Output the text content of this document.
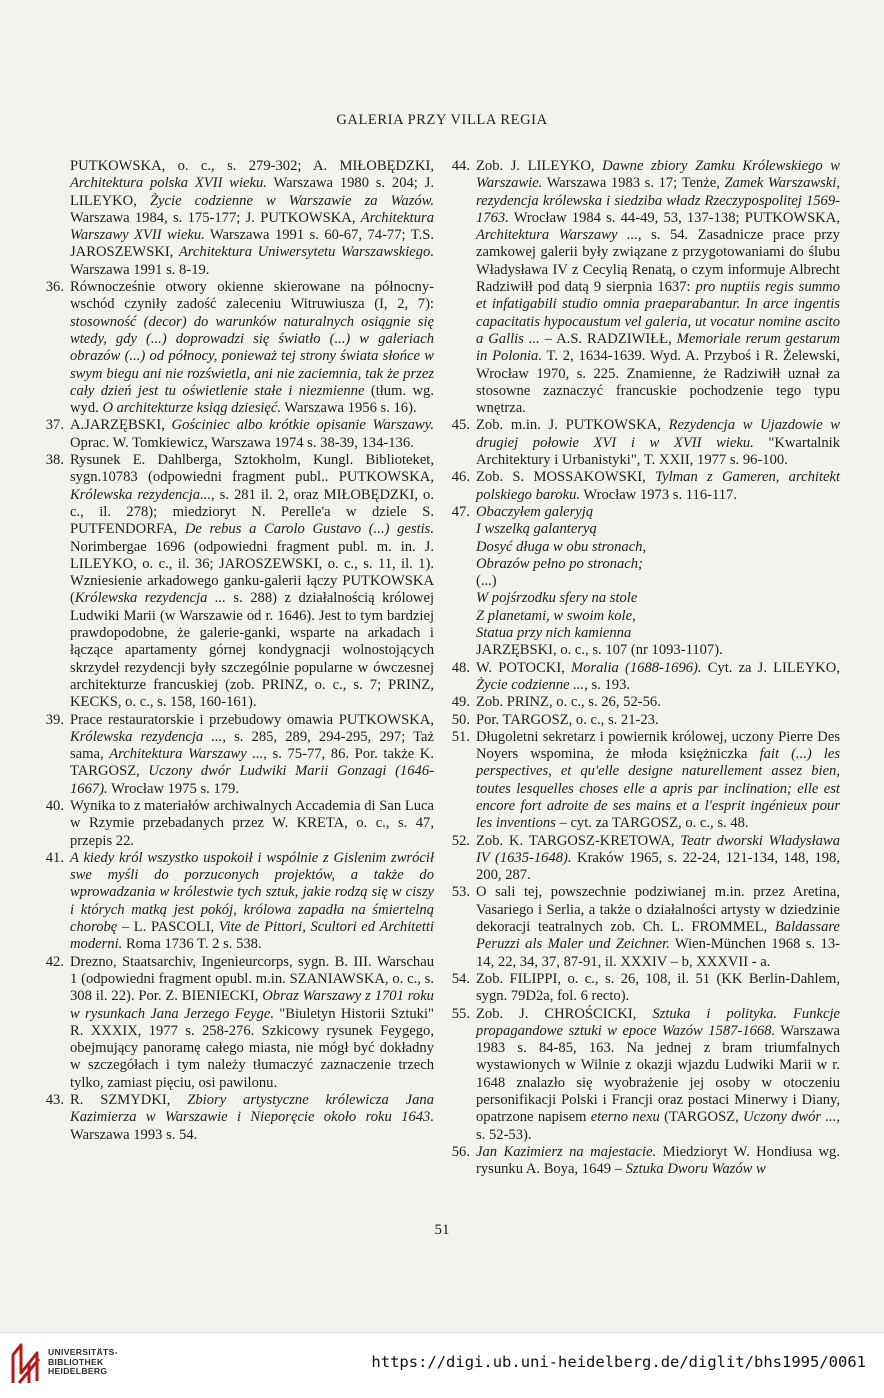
GALERIA PRZY VILLA REGIA
PUTKOWSKA, o. c., s. 279-302; A. MIŁOBĘDZKI, Architektura polska XVII wieku. Warszawa 1980 s. 204; J. LILEYKO, Życie codzienne w Warszawie za Wazów. Warszawa 1984, s. 175-177; J. PUTKOWSKA, Architektura Warszawy XVII wieku. Warszawa 1991 s. 60-67, 74-77; T.S. JAROSZEWSKI, Architektura Uniwersytetu Warszawskiego. Warszawa 1991 s. 8-19.
36. Równocześnie otwory okienne skierowane na północny-wschód czyniły zadość zaleceniu Witruwiusza (I, 2, 7): stosowność (decor) do warunków naturalnych osiągnie się wtedy, gdy (...) doprowadzi się światło (...) w galeriach obrazów (...) od północy, ponieważ tej strony świata słońce w swym biegu ani nie rozświetla, ani nie zaciemnia, tak że przez cały dzień jest tu oświetlenie stałe i niezmienne (tłum. wg. wyd. O architekturze ksiąg dziesięć. Warszawa 1956 s. 16).
37. A.JARZĘBSKI, Gościniec albo krótkie opisanie Warszawy. Oprac. W. Tomkiewicz, Warszawa 1974 s. 38-39, 134-136.
38. Rysunek E. Dahlberga, Sztokholm, Kungl. Biblioteket, sygn.10783 (odpowiedni fragment publ.. PUTKOWSKA, Królewska rezydencja..., s. 281 il. 2, oraz MIŁOBĘDZKI, o. c., il. 278); miedzioryt N. Perelle'a w dziele S. PUTFENDORFA, De rebus a Carolo Gustavo (...) gestis. Norimbergae 1696 (odpowiedni fragment publ. m. in. J. LILEYKO, o. c., il. 36; JAROSZEWSKI, o. c., s. 11, il. 1). Wzniesienie arkadowego ganku-galerii łączy PUTKOWSKA (Królewska rezydencja ... s. 288) z działalnością królowej Ludwiki Marii (w Warszawie od r. 1646). Jest to tym bardziej prawdopodobne, że galerie-ganki, wsparte na arkadach i łączące apartamenty górnej kondygnacji wolnostojących skrzydeł rezydencji były szczególnie popularne w ówczesnej architekturze francuskiej (zob. PRINZ, o. c., s. 7; PRINZ, KECKS, o. c., s. 158, 160-161).
39. Prace restauratorskie i przebudowy omawia PUTKOWSKA, Królewska rezydencja ..., s. 285, 289, 294-295, 297; Taż sama, Architektura Warszawy ..., s. 75-77, 86. Por. także K. TARGOSZ, Uczony dwór Ludwiki Marii Gonzagi (1646-1667). Wrocław 1975 s. 179.
40. Wynika to z materiałów archiwalnych Accademia di San Luca w Rzymie przebadanych przez W. KRETA, o. c., s. 47, przepis 22.
41. A kiedy król wszystko uspokoił i wspólnie z Gislenim zwrócił swe myśli do porzuconych projektów, a także do wprowadzania w królestwie tych sztuk, jakie rodzą się w ciszy i których matką jest pokój, królowa zapadła na śmiertelną chorobę – L. PASCOLI, Vite de Pittori, Scultori ed Architetti moderni. Roma 1736 T. 2 s. 538.
42. Drezno, Staatsarchiv, Ingenieurcorps, sygn. B. III. Warschau 1 (odpowiedni fragment opubl. m.in. SZANIAWSKA, o. c., s. 308 il. 22). Por. Z. BIENIECKI, Obraz Warszawy z 1701 roku w rysunkach Jana Jerzego Feyge. "Biuletyn Historii Sztuki" R. XXXIX, 1977 s. 258-276. Szkicowy rysunek Feygego, obejmujący panoramę całego miasta, nie mógł być dokładny w szczegółach i tym należy tłumaczyć zaznaczenie trzech tylko, zamiast pięciu, osi pawilonu.
43. R. SZMYDKI, Zbiory artystyczne królewicza Jana Kazimierza w Warszawie i Nieporęcie około roku 1643. Warszawa 1993 s. 54.
44. Zob. J. LILEYKO, Dawne zbiory Zamku Królewskiego w Warszawie. Warszawa 1983 s. 17; Tenże, Zamek Warszawski, rezydencja królewska i siedziba władz Rzeczypospolitej 1569-1763. Wrocław 1984 s. 44-49, 53, 137-138; PUTKOWSKA, Architektura Warszawy ..., s. 54. Zasadnicze prace przy zamkowej galerii były związane z przygotowaniami do ślubu Władysława IV z Cecylią Renatą, o czym informuje Albrecht Radziwiłł pod datą 9 sierpnia 1637: pro nuptiis regis summo et infatigabili studio omnia praeparabantur. In arce ingentis capacitatis hypocaustum vel galeria, ut vocatur nomine ascito a Gallis ... – A.S. RADZIWIŁŁ, Memoriale rerum gestarum in Polonia. T. 2, 1634-1639. Wyd. A. Przyboś i R. Żelewski, Wrocław 1970, s. 225. Znamienne, że Radziwiłł uznał za stosowne zaznaczyć francuskie pochodzenie tego typu wnętrza.
45. Zob. m.in. J. PUTKOWSKA, Rezydencja w Ujazdowie w drugiej połowie XVI i w XVII wieku. "Kwartalnik Architektury i Urbanistyki", T. XXII, 1977 s. 96-100.
46. Zob. S. MOSSAKOWSKI, Tylman z Gameren, architekt polskiego baroku. Wrocław 1973 s. 116-117.
47. Obaczyłem galeryją
I wszelką galanteryą
Dosyć długa w obu stronach,
Obrazów pełno po stronach;
(...)
W pojśrzodku sfery na stole
Z planetami, w swoim kole,
Statua przy nich kamienna
JARZĘBSKI, o. c., s. 107 (nr 1093-1107).
48. W. POTOCKI, Moralia (1688-1696). Cyt. za J. LILEYKO, Życie codzienne ..., s. 193.
49. Zob. PRINZ, o. c., s. 26, 52-56.
50. Por. TARGOSZ, o. c., s. 21-23.
51. Długoletni sekretarz i powiernik królowej, uczony Pierre Des Noyers wspomina, że młoda księżniczka fait (...) les perspectives, et qu'elle designe naturellement assez bien, toutes lesquelles choses elle a apris par inclination; elle est encore fort adroite de ses mains et a l'esprit ingénieux pour les inventions – cyt. za TARGOSZ, o. c., s. 48.
52. Zob. K. TARGOSZ-KRETOWA, Teatr dworski Władysława IV (1635-1648). Kraków 1965, s. 22-24, 121-134, 148, 198, 200, 287.
53. O sali tej, powszechnie podziwianej m.in. przez Aretina, Vasariego i Serlia, a także o działalności artysty w dziedzinie dekoracji teatralnych zob. Ch. L. FROMMEL, Baldassare Peruzzi als Maler und Zeichner. Wien-München 1968 s. 13-14, 22, 34, 37, 87-91, il. XXXIV – b, XXXVII - a.
54. Zob. FILIPPI, o. c., s. 26, 108, il. 51 (KK Berlin-Dahlem, sygn. 79D2a, fol. 6 recto).
55. Zob. J. CHROŚCICKI, Sztuka i polityka. Funkcje propagandowe sztuki w epoce Wazów 1587-1668. Warszawa 1983 s. 84-85, 163. Na jednej z bram triumfalnych wystawionych w Wilnie z okazji wjazdu Ludwiki Marii w r. 1648 znalazło się wyobrażenie jej osoby w otoczeniu personifikacji Polski i Francji oraz postaci Minerwy i Diany, opatrzone napisem eterno nexu (TARGOSZ, Uczony dwór ..., s. 52-53).
56. Jan Kazimierz na majestacie. Miedzioryt W. Hondiusa wg. rysunku A. Boya, 1649 – Sztuka Dworu Wazów w
51
UNIVERSITÄTS-
BIBLIOTHEK
HEIDELBERG
https://digi.ub.uni-heidelberg.de/diglit/bhs1995/0061
